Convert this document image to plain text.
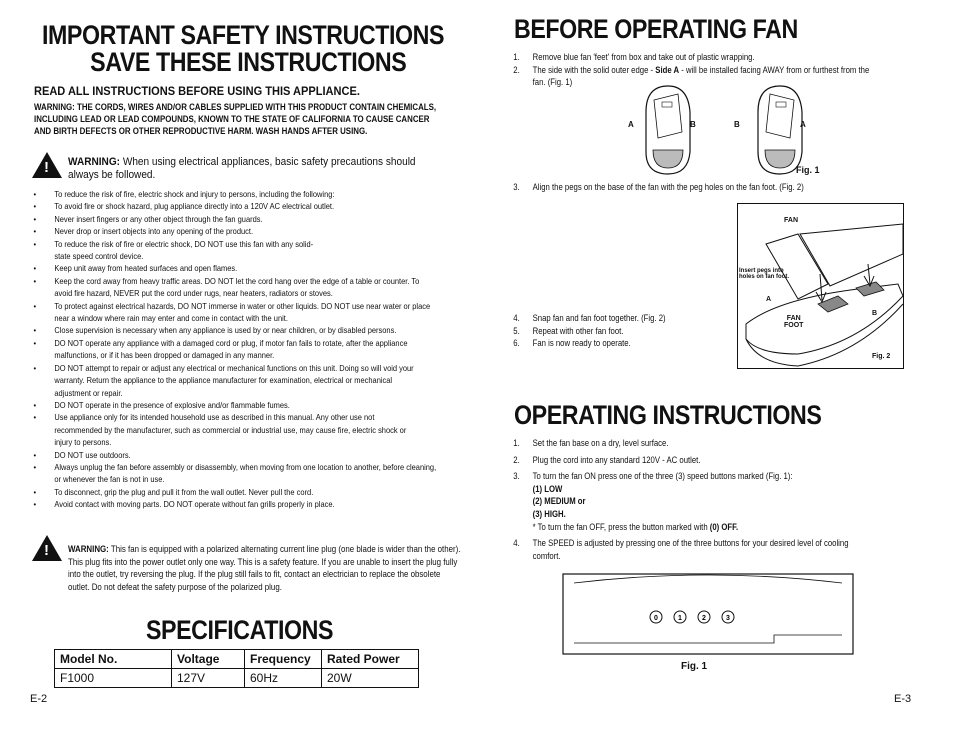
IMPORTANT SAFETY INSTRUCTIONS
SAVE THESE INSTRUCTIONS
READ ALL INSTRUCTIONS BEFORE USING THIS APPLIANCE.
WARNING: THE CORDS, WIRES AND/OR CABLES SUPPLIED WITH THIS PRODUCT CONTAIN CHEMICALS, INCLUDING LEAD OR LEAD COMPOUNDS, KNOWN TO THE STATE OF CALIFORNIA TO CAUSE CANCER AND BIRTH DEFECTS OR OTHER REPRODUCTIVE HARM. WASH HANDS AFTER USING.
! WARNING: When using electrical appliances, basic safety precautions should always be followed.
• To reduce the risk of fire, electric shock and injury to persons, including the following:
• To avoid fire or shock hazard, plug appliance directly into a 120V AC electrical outlet.
• Never insert fingers or any other object through the fan guards.
• Never drop or insert objects into any opening of the product.
• To reduce the risk of fire or electric shock, DO NOT use this fan with any solid-state speed control device.
• Keep unit away from heated surfaces and open flames.
• Keep the cord away from heavy traffic areas. DO NOT let the cord hang over the edge of a table or counter. To avoid fire hazard, NEVER put the cord under rugs, near heaters, radiators or stoves.
• To protect against electrical hazards, DO NOT immerse in water or other liquids. DO NOT use near water or place near a window where rain may enter and come in contact with the unit.
• Close supervision is necessary when any appliance is used by or near children, or by disabled persons.
• DO NOT operate any appliance with a damaged cord or plug, if motor fan fails to rotate, after the appliance malfunctions, or if it has been dropped or damaged in any manner.
• DO NOT attempt to repair or adjust any electrical or mechanical functions on this unit. Doing so will void your warranty. Return the appliance to the appliance manufacturer for examination, electrical or mechanical adjustment or repair.
• DO NOT operate in the presence of explosive and/or flammable fumes.
• Use appliance only for its intended household use as described in this manual. Any other use not recommended by the manufacturer, such as commercial or industrial use, may cause fire, electric shock or injury to persons.
• DO NOT use outdoors.
• Always unplug the fan before assembly or disassembly, when moving from one location to another, before cleaning, or whenever the fan is not in use.
• To disconnect, grip the plug and pull it from the wall outlet. Never pull the cord.
• Avoid contact with moving parts. DO NOT operate without fan grills properly in place.
! WARNING: This fan is equipped with a polarized alternating current line plug (one blade is wider than the other). This plug fits into the power outlet only one way. This is a safety feature. If you are unable to insert the plug fully into the outlet, try reversing the plug. If the plug still fails to fit, contact an electrician to replace the obsolete outlet. Do not defeat the safety purpose of the polarized plug.
SPECIFICATIONS
Model No.	Voltage	Frequency	Rated Power
F1000	127V	60Hz	20W
E-2
BEFORE OPERATING FAN
1. Remove blue fan 'feet' from box and take out of plastic wrapping.
2. The side with the solid outer edge - Side A - will be installed facing AWAY from or furthest from the fan. (Fig. 1)
A	B	B	A
Fig. 1
3. Align the pegs on the base of the fan with the peg holes on the fan foot. (Fig. 2)
FAN
Insert pegs into
holes on fan foot.
A
B
FAN
FOOT
Fig. 2
4. Snap fan and fan foot together. (Fig. 2)
5. Repeat with other fan foot.
6. Fan is now ready to operate.
OPERATING INSTRUCTIONS
1. Set the fan base on a dry, level surface.
2. Plug the cord into any standard 120V - AC outlet.
3. To turn the fan ON press one of the three (3) speed buttons marked (Fig. 1):
(1) LOW
(2) MEDIUM or
(3) HIGH.
* To turn the fan OFF, press the button marked with (0) OFF.
4. The SPEED is adjusted by pressing one of the three buttons for your desired level of cooling comfort.
0	1	2	3
Fig. 1
E-3
